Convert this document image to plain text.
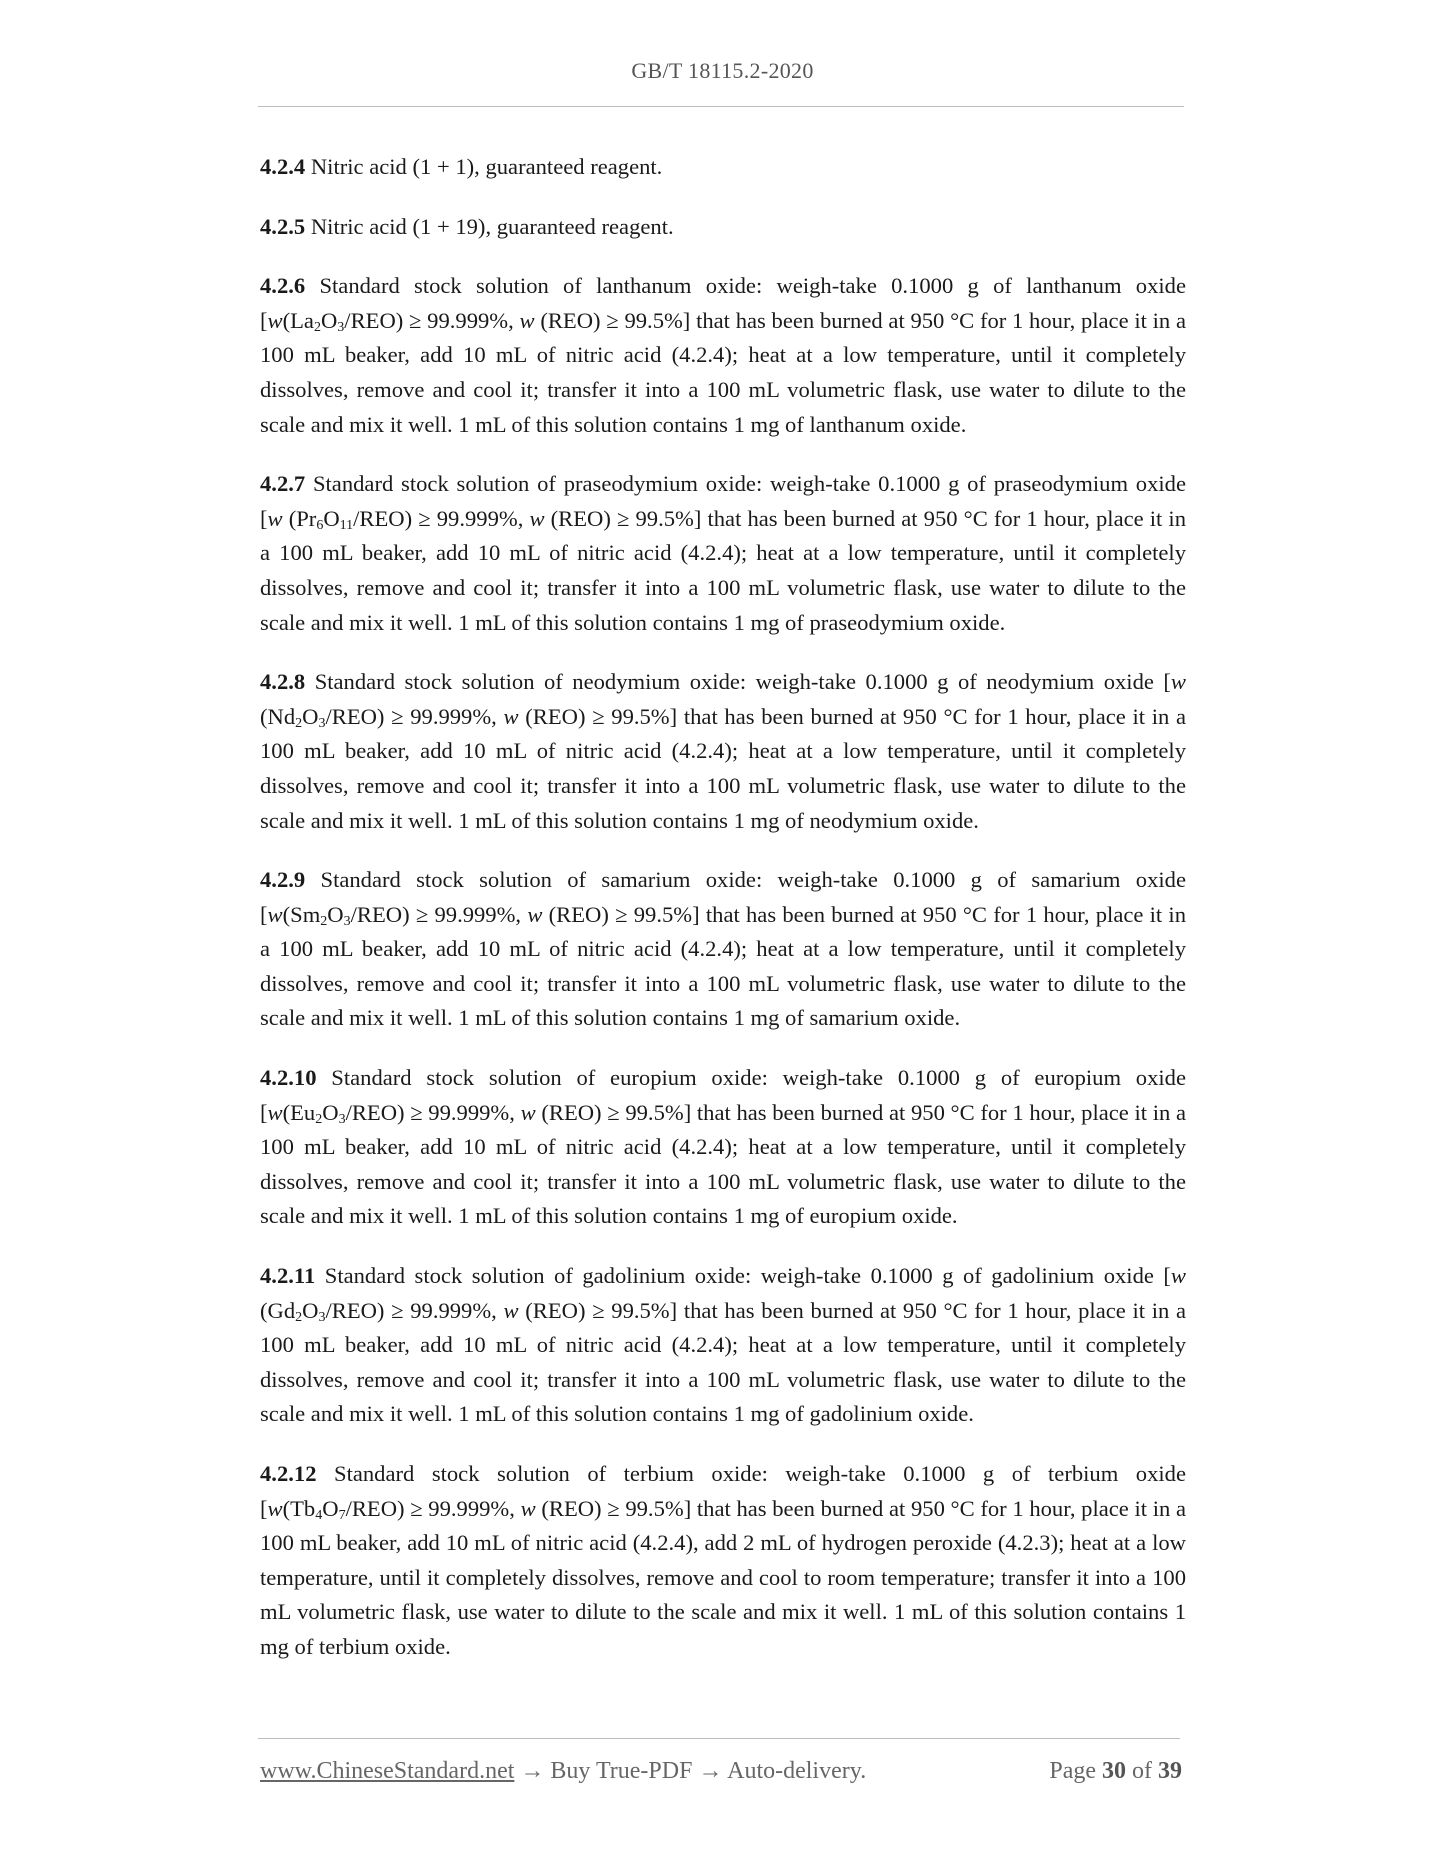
GB/T 18115.2-2020

4.2.4 Nitric acid (1 + 1), guaranteed reagent.

4.2.5 Nitric acid (1 + 19), guaranteed reagent.

4.2.6 Standard stock solution of lanthanum oxide: weigh-take 0.1000 g of lanthanum oxide [$w(La_2O_3/REO) \ge 99.999\%$, w (REO) ≥ 99.5%] that has been burned at 950 °C for 1 hour, place it in a 100 mL beaker, add 10 mL of nitric acid (4.2.4); heat at a low temperature, until it completely dissolves, remove and cool it; transfer it into a 100 mL volumetric flask, use water to dilute to the scale and mix it well. 1 mL of this solution contains 1 mg of lanthanum oxide.

4.2.7 Standard stock solution of praseodymium oxide: weigh-take 0.1000 g of praseodymium oxide [w $(Pr_6O_{11}/REO) \ge 99.999\%$, w (REO) ≥ 99.5%] that has been burned at 950 °C for 1 hour, place it in a 100 mL beaker, add 10 mL of nitric acid (4.2.4); heat at a low temperature, until it completely dissolves, remove and cool it; transfer it into a 100 mL volumetric flask, use water to dilute to the scale and mix it well. 1 mL of this solution contains 1 mg of praseodymium oxide.

4.2.8 Standard stock solution of neodymium oxide: weigh-take 0.1000 g of neodymium oxide [w $(Nd_2O_3/REO) \ge 99.999\%$, w (REO) ≥ 99.5%] that has been burned at 950 °C for 1 hour, place it in a 100 mL beaker, add 10 mL of nitric acid (4.2.4); heat at a low temperature, until it completely dissolves, remove and cool it; transfer it into a 100 mL volumetric flask, use water to dilute to the scale and mix it well. 1 mL of this solution contains 1 mg of neodymium oxide.

4.2.9 Standard stock solution of samarium oxide: weigh-take 0.1000 g of samarium oxide [$w(Sm_2O_3/REO) \ge 99.999\%$, w (REO) ≥ 99.5%] that has been burned at 950 °C for 1 hour, place it in a 100 mL beaker, add 10 mL of nitric acid (4.2.4); heat at a low temperature, until it completely dissolves, remove and cool it; transfer it into a 100 mL volumetric flask, use water to dilute to the scale and mix it well. 1 mL of this solution contains 1 mg of samarium oxide.

4.2.10 Standard stock solution of europium oxide: weigh-take 0.1000 g of europium oxide [$w(Eu_2O_3/REO) \ge 99.999\%$, w (REO) ≥ 99.5%] that has been burned at 950 °C for 1 hour, place it in a 100 mL beaker, add 10 mL of nitric acid (4.2.4); heat at a low temperature, until it completely dissolves, remove and cool it; transfer it into a 100 mL volumetric flask, use water to dilute to the scale and mix it well. 1 mL of this solution contains 1 mg of europium oxide.

4.2.11 Standard stock solution of gadolinium oxide: weigh-take 0.1000 g of gadolinium oxide [w $(Gd_2O_3/REO) \ge 99.999\%$, w (REO) ≥ 99.5%] that has been burned at 950 °C for 1 hour, place it in a 100 mL beaker, add 10 mL of nitric acid (4.2.4); heat at a low temperature, until it completely dissolves, remove and cool it; transfer it into a 100 mL volumetric flask, use water to dilute to the scale and mix it well. 1 mL of this solution contains 1 mg of gadolinium oxide.

4.2.12 Standard stock solution of terbium oxide: weigh-take 0.1000 g of terbium oxide [$w(Tb_4O_7/REO) \ge 99.999\%$, w (REO) ≥ 99.5%] that has been burned at 950 °C for 1 hour, place it in a 100 mL beaker, add 10 mL of nitric acid (4.2.4), add 2 mL of hydrogen peroxide (4.2.3); heat at a low temperature, until it completely dissolves, remove and cool to room temperature; transfer it into a 100 mL volumetric flask, use water to dilute to the scale and mix it well. 1 mL of this solution contains 1 mg of terbium oxide.

www.ChineseStandard.net → Buy True-PDF → Auto-delivery.	Page 30 of 39
